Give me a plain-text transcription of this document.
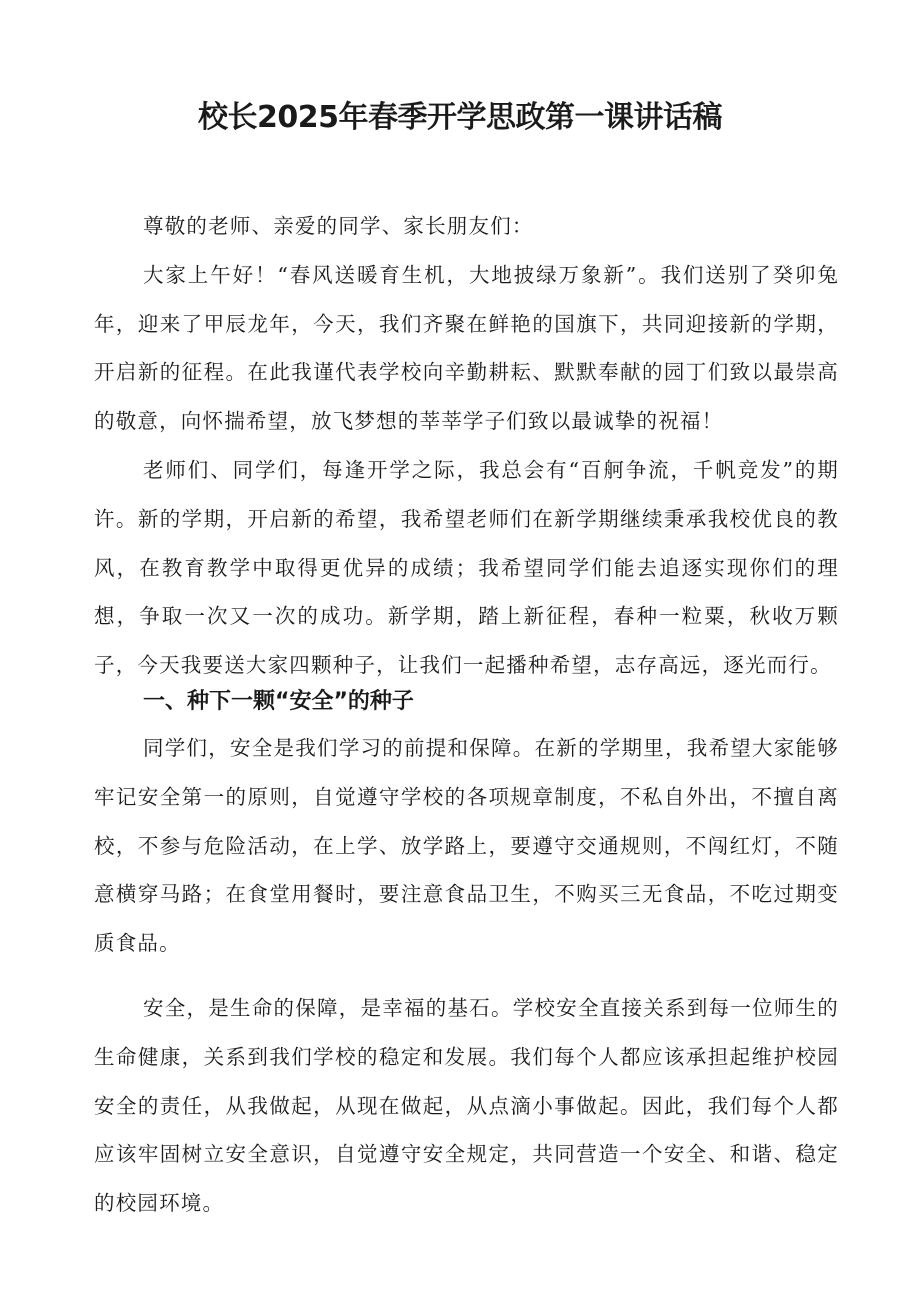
校长2025年春季开学思政第一课讲话稿

尊敬的老师、亲爱的同学、家长朋友们：

大家上午好！“春风送暖育生机，大地披绿万象新”。我们送别了癸卯兔年，迎来了甲辰龙年，今天，我们齐聚在鲜艳的国旗下，共同迎接新的学期，开启新的征程。在此我谨代表学校向辛勤耕耘、默默奉献的园丁们致以最崇高的敬意，向怀揣希望，放飞梦想的莘莘学子们致以最诚挚的祝福！

老师们、同学们，每逢开学之际，我总会有“百舸争流，千帆竞发”的期许。新的学期，开启新的希望，我希望老师们在新学期继续秉承我校优良的教风，在教育教学中取得更优异的成绩；我希望同学们能去追逐实现你们的理想，争取一次又一次的成功。新学期，踏上新征程，春种一粒粟，秋收万颗子，今天我要送大家四颗种子，让我们一起播种希望，志存高远，逐光而行。

一、种下一颗“安全”的种子

同学们，安全是我们学习的前提和保障。在新的学期里，我希望大家能够牢记安全第一的原则，自觉遵守学校的各项规章制度，不私自外出，不擅自离校，不参与危险活动，在上学、放学路上，要遵守交通规则，不闯红灯，不随意横穿马路；在食堂用餐时，要注意食品卫生，不购买三无食品，不吃过期变质食品。

安全，是生命的保障，是幸福的基石。学校安全直接关系到每一位师生的生命健康，关系到我们学校的稳定和发展。我们每个人都应该承担起维护校园安全的责任，从我做起，从现在做起，从点滴小事做起。因此，我们每个人都应该牢固树立安全意识，自觉遵守安全规定，共同营造一个安全、和谐、稳定的校园环境。
